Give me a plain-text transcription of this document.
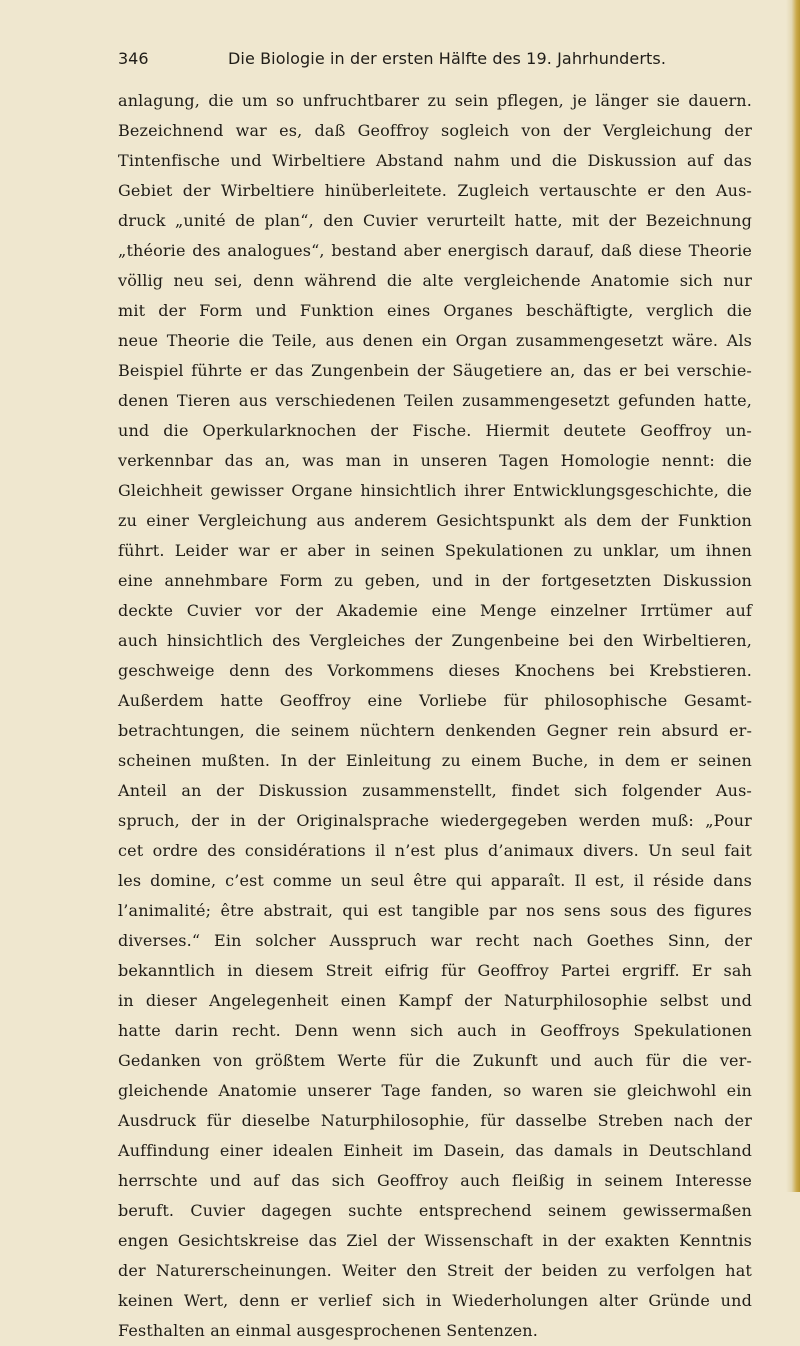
346	Die Biologie in der ersten Hälfte des 19. Jahrhunderts.
anlagung, die um so unfruchtbarer zu sein pflegen, je länger sie dauern.
Bezeichnend war es, daß Geoffroy sogleich von der Vergleichung der
Tintenfische und Wirbeltiere Abstand nahm und die Diskussion auf das
Gebiet der Wirbeltiere hinüberleitete. Zugleich vertauschte er den Aus-
druck „unité de plan“, den Cuvier verurteilt hatte, mit der Bezeichnung
„théorie des analogues“, bestand aber energisch darauf, daß diese Theorie
völlig neu sei, denn während die alte vergleichende Anatomie sich nur
mit der Form und Funktion eines Organes beschäftigte, verglich die
neue Theorie die Teile, aus denen ein Organ zusammengesetzt wäre. Als
Beispiel führte er das Zungenbein der Säugetiere an, das er bei verschie-
denen Tieren aus verschiedenen Teilen zusammengesetzt gefunden hatte,
und die Operkularknochen der Fische. Hiermit deutete Geoffroy un-
verkennbar das an, was man in unseren Tagen Homologie nennt: die
Gleichheit gewisser Organe hinsichtlich ihrer Entwicklungsgeschichte, die
zu einer Vergleichung aus anderem Gesichtspunkt als dem der Funktion
führt. Leider war er aber in seinen Spekulationen zu unklar, um ihnen
eine annehmbare Form zu geben, und in der fortgesetzten Diskussion
deckte Cuvier vor der Akademie eine Menge einzelner Irrtümer auf
auch hinsichtlich des Vergleiches der Zungenbeine bei den Wirbeltieren,
geschweige denn des Vorkommens dieses Knochens bei Krebstieren.
Außerdem hatte Geoffroy eine Vorliebe für philosophische Gesamt-
betrachtungen, die seinem nüchtern denkenden Gegner rein absurd er-
scheinen mußten. In der Einleitung zu einem Buche, in dem er seinen
Anteil an der Diskussion zusammenstellt, findet sich folgender Aus-
spruch, der in der Originalsprache wiedergegeben werden muß: „Pour
cet ordre des considérations il n’est plus d’animaux divers. Un seul fait
les domine, c’est comme un seul être qui apparaît. Il est, il réside dans
l’animalité; être abstrait, qui est tangible par nos sens sous des figures
diverses.“ Ein solcher Ausspruch war recht nach Goethes Sinn, der
bekanntlich in diesem Streit eifrig für Geoffroy Partei ergriff. Er sah
in dieser Angelegenheit einen Kampf der Naturphilosophie selbst und
hatte darin recht. Denn wenn sich auch in Geoffroys Spekulationen
Gedanken von größtem Werte für die Zukunft und auch für die ver-
gleichende Anatomie unserer Tage fanden, so waren sie gleichwohl ein
Ausdruck für dieselbe Naturphilosophie, für dasselbe Streben nach der
Auffindung einer idealen Einheit im Dasein, das damals in Deutschland
herrschte und auf das sich Geoffroy auch fleißig in seinem Interesse
beruft. Cuvier dagegen suchte entsprechend seinem gewissermaßen
engen Gesichtskreise das Ziel der Wissenschaft in der exakten Kenntnis
der Naturerscheinungen. Weiter den Streit der beiden zu verfolgen hat
keinen Wert, denn er verlief sich in Wiederholungen alter Gründe und
Festhalten an einmal ausgesprochenen Sentenzen.
